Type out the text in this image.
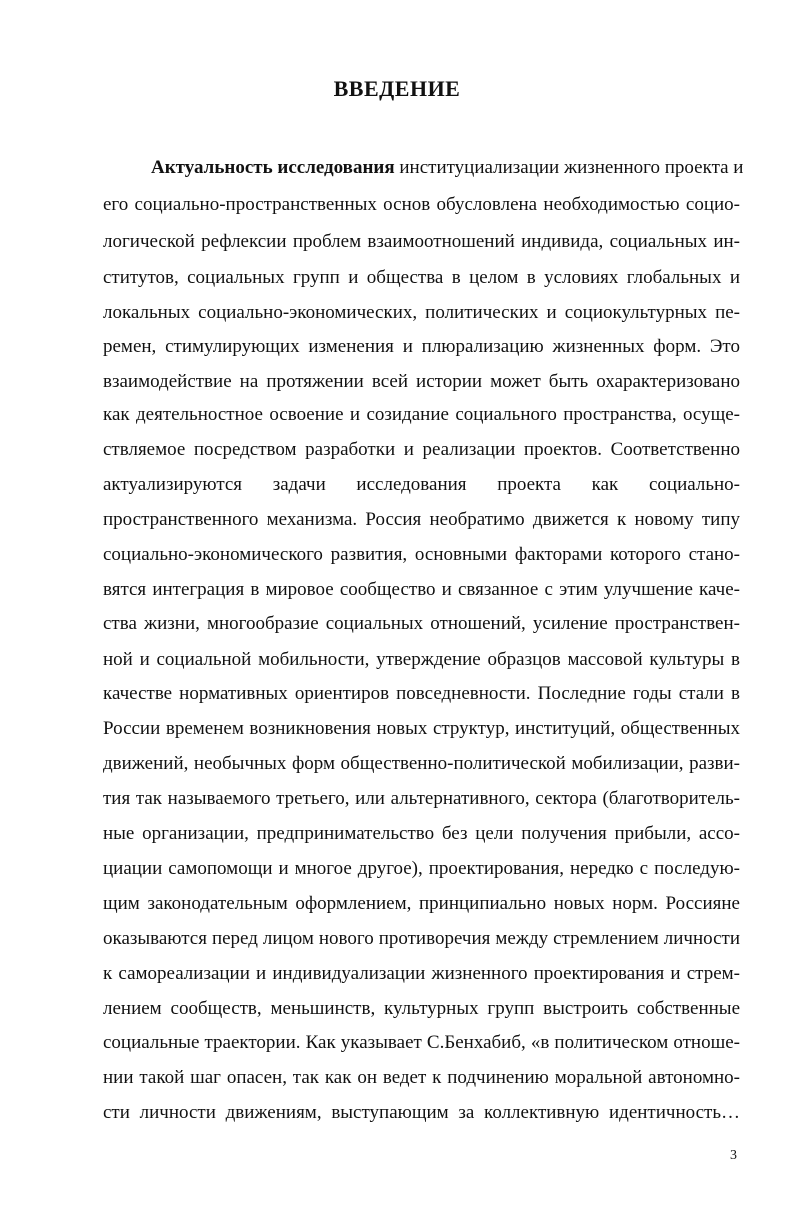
ВВЕДЕНИЕ
Актуальность исследования институциализации жизненного проекта и
его социально-пространственных основ обусловлена необходимостью социо-
логической рефлексии проблем взаимоотношений индивида, социальных ин-
ститутов, социальных групп и общества в целом в условиях глобальных и
локальных социально-экономических, политических и социокультурных пе-
ремен, стимулирующих изменения и плюрализацию жизненных форм. Это
взаимодействие на протяжении всей истории может быть охарактеризовано
как деятельностное освоение и созидание социального пространства, осуще-
ствляемое посредством разработки и реализации проектов. Соответственно
актуализируются задачи исследования проекта как социально-
пространственного механизма. Россия необратимо движется к новому типу
социально-экономического развития, основными факторами которого стано-
вятся интеграция в мировое сообщество и связанное с этим улучшение каче-
ства жизни, многообразие социальных отношений, усиление пространствен-
ной и социальной мобильности, утверждение образцов массовой культуры в
качестве нормативных ориентиров повседневности. Последние годы стали в
России временем возникновения новых структур, институций, общественных
движений, необычных форм общественно-политической мобилизации, разви-
тия так называемого третьего, или альтернативного, сектора (благотворитель-
ные организации, предпринимательство без цели получения прибыли, ассо-
циации самопомощи и многое другое), проектирования, нередко с последую-
щим законодательным оформлением, принципиально новых норм. Россияне
оказываются перед лицом нового противоречия между стремлением личности
к самореализации и индивидуализации жизненного проектирования и стрем-
лением сообществ, меньшинств, культурных групп выстроить собственные
социальные траектории. Как указывает С.Бенхабиб, «в политическом отноше-
нии такой шаг опасен, так как он ведет к подчинению моральной автономно-
сти личности движениям, выступающим за коллективную идентичность…
3
